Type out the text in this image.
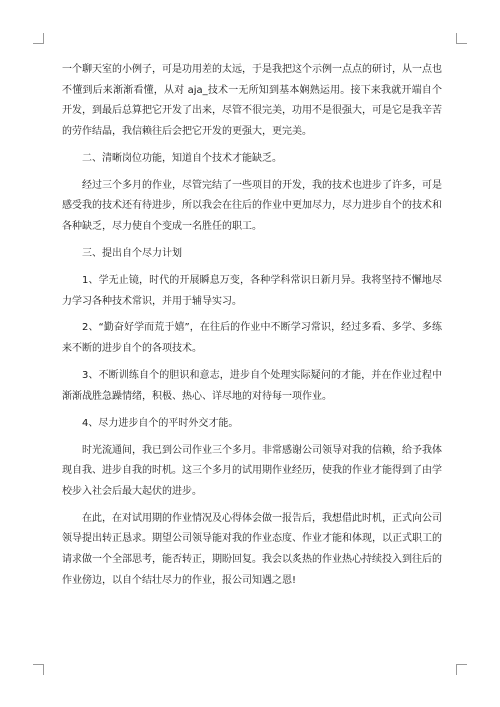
一个聊天室的小例子，可是功用差的太远，于是我把这个示例一点点的研讨，从一点也不懂到后来渐渐看懂，从对 aja_技术一无所知到基本娴熟运用。接下来我就开端自个开发，到最后总算把它开发了出来，尽管不很完美，功用不是很强大，可是它是我辛苦的劳作结晶，我信赖往后会把它开发的更强大，更完美。

二、清晰岗位功能，知道自个技术才能缺乏。

经过三个多月的作业，尽管完结了一些项目的开发，我的技术也进步了许多，可是感受我的技术还有待进步，所以我会在往后的作业中更加尽力，尽力进步自个的技术和各种缺乏，尽力使自个变成一名胜任的职工。

三、提出自个尽力计划

1、学无止镜，时代的开展瞬息万变，各种学科常识日新月异。我将坚持不懈地尽力学习各种技术常识，并用于辅导实习。

2、“勤奋好学而荒于嬉”，在往后的作业中不断学习常识，经过多看、多学、多练来不断的进步自个的各项技术。

3、不断训练自个的胆识和意志，进步自个处理实际疑问的才能，并在作业过程中渐渐战胜急躁情绪，积极、热心、详尽地的对待每一项作业。

4、尽力进步自个的平时外交才能。

时光流通间，我已到公司作业三个多月。非常感谢公司领导对我的信赖，给予我体现自我、进步自我的时机。这三个多月的试用期作业经历，使我的作业才能得到了由学校步入社会后最大起伏的进步。

在此，在对试用期的作业情况及心得体会做一报告后，我想借此时机，正式向公司领导提出转正恳求。期望公司领导能对我的作业态度、作业才能和体现，以正式职工的请求做一个全部思考，能否转正，期盼回复。我会以炙热的作业热心持续投入到往后的作业傍边，以自个结壮尽力的作业，报公司知遇之恩!
